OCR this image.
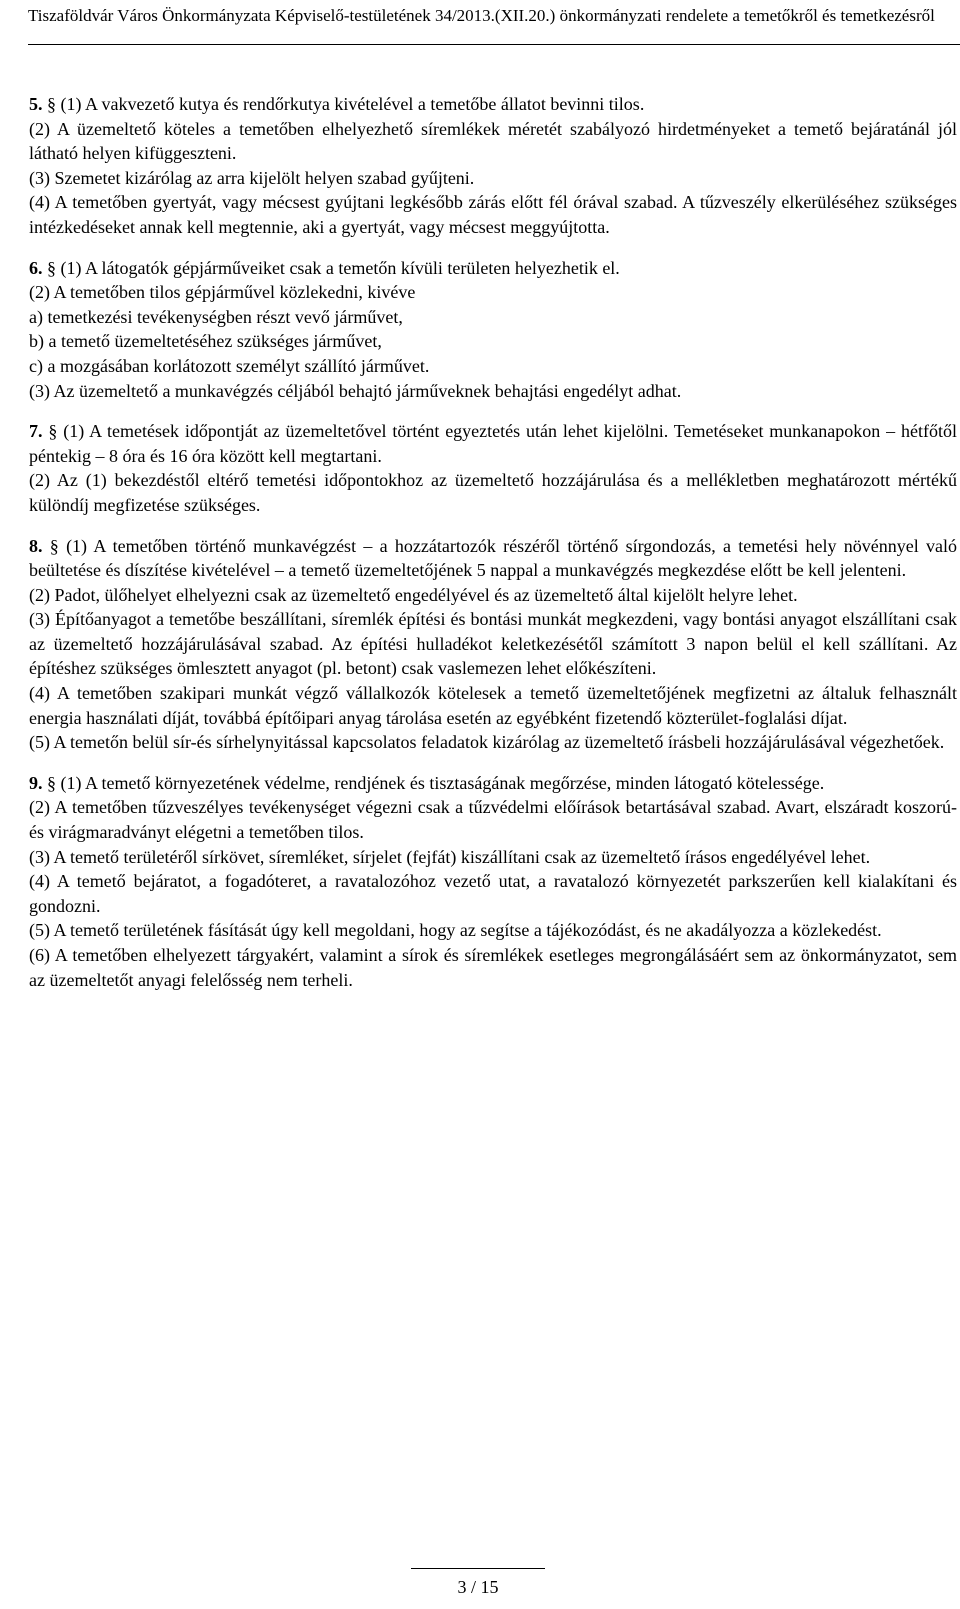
Tiszaföldvár Város Önkormányzata Képviselő-testületének 34/2013.(XII.20.) önkormányzati rendelete a temetőkről és temetkezésről

5. § (1) A vakvezető kutya és rendőrkutya kivételével a temetőbe állatot bevinni tilos.

(2) A üzemeltető köteles a temetőben elhelyezhető síremlékek méretét szabályozó hirdetményeket a temető bejáratánál jól látható helyen kifüggeszteni.

(3) Szemetet kizárólag az arra kijelölt helyen szabad gyűjteni.

(4) A temetőben gyertyát, vagy mécsest gyújtani legkésőbb zárás előtt fél órával szabad. A tűzveszély elkerüléséhez szükséges intézkedéseket annak kell megtennie, aki a gyertyát, vagy mécsest meggyújtotta.

6. § (1) A látogatók gépjárműveiket csak a temetőn kívüli területen helyezhetik el.

(2) A temetőben tilos gépjárművel közlekedni, kivéve

a) temetkezési tevékenységben részt vevő járművet,

b) a temető üzemeltetéséhez szükséges járművet,

c) a mozgásában korlátozott személyt szállító járművet.

(3) Az üzemeltető a munkavégzés céljából behajtó járműveknek behajtási engedélyt adhat.

7. § (1) A temetések időpontját az üzemeltetővel történt egyeztetés után lehet kijelölni. Temetéseket munkanapokon – hétfőtől péntekig – 8 óra és 16 óra között kell megtartani.

(2) Az (1) bekezdéstől eltérő temetési időpontokhoz az üzemeltető hozzájárulása és a mellékletben meghatározott mértékű különdíj megfizetése szükséges.

8. § (1) A temetőben történő munkavégzést – a hozzátartozók részéről történő sírgondozás, a temetési hely növénnyel való beültetése és díszítése kivételével – a temető üzemeltetőjének 5 nappal a munkavégzés megkezdése előtt be kell jelenteni.

(2) Padot, ülőhelyet elhelyezni csak az üzemeltető engedélyével és az üzemeltető által kijelölt helyre lehet.

(3) Építőanyagot a temetőbe beszállítani, síremlék építési és bontási munkát megkezdeni, vagy bontási anyagot elszállítani csak az üzemeltető hozzájárulásával szabad. Az építési hulladékot keletkezésétől számított 3 napon belül el kell szállítani. Az építéshez szükséges ömlesztett anyagot (pl. betont) csak vaslemezen lehet előkészíteni.

(4) A temetőben szakipari munkát végző vállalkozók kötelesek a temető üzemeltetőjének megfizetni az általuk felhasznált energia használati díját, továbbá építőipari anyag tárolása esetén az egyébként fizetendő közterület-foglalási díjat.

(5) A temetőn belül sír-és sírhelynyitással kapcsolatos feladatok kizárólag az üzemeltető írásbeli hozzájárulásával végezhetőek.

9. § (1) A temető környezetének védelme, rendjének és tisztaságának megőrzése, minden látogató kötelessége.

(2) A temetőben tűzveszélyes tevékenységet végezni csak a tűzvédelmi előírások betartásával szabad. Avart, elszáradt koszorú- és virágmaradványt elégetni a temetőben tilos.

(3) A temető területéről sírkövet, síremléket, sírjelet (fejfát) kiszállítani csak az üzemeltető írásos engedélyével lehet.

(4) A temető bejáratot, a fogadóteret, a ravatalozóhoz vezető utat, a ravatalozó környezetét parkszerűen kell kialakítani és gondozni.

(5) A temető területének fásítását úgy kell megoldani, hogy az segítse a tájékozódást, és ne akadályozza a közlekedést.

(6) A temetőben elhelyezett tárgyakért, valamint a sírok és síremlékek esetleges megrongálásáért sem az önkormányzatot, sem az üzemeltetőt anyagi felelősség nem terheli.

3 / 15
